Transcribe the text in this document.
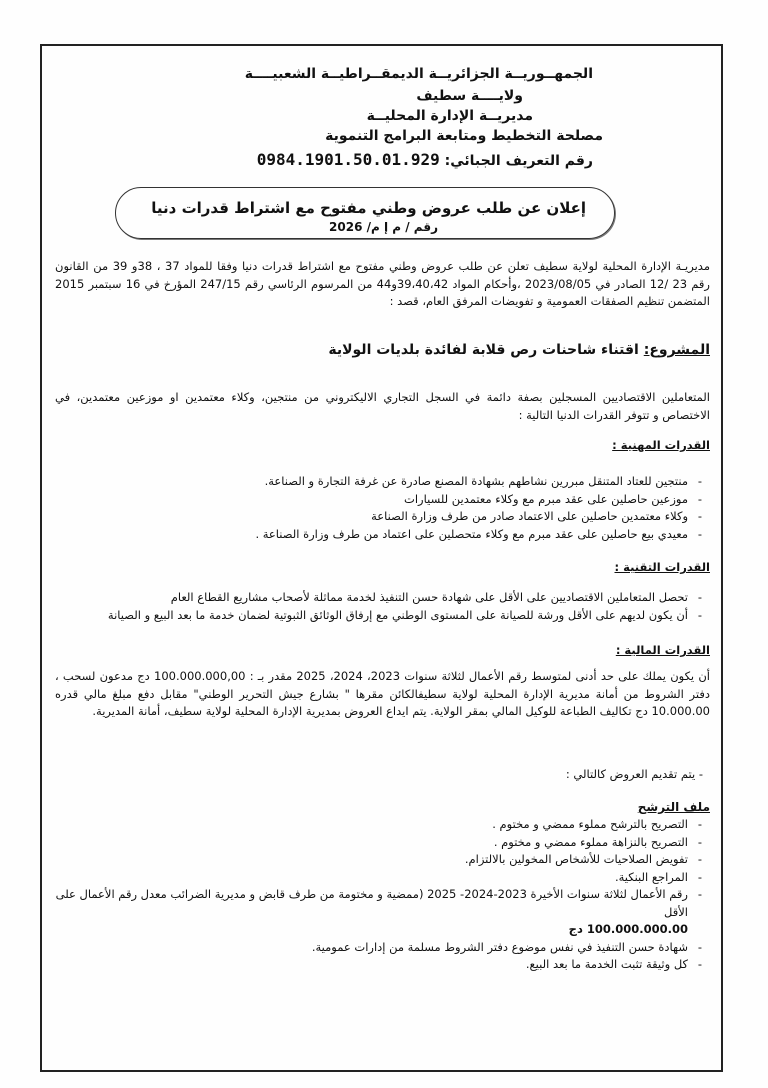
الجمهــوريــة الجزائريــة الديمقــراطيــة الشعبيــــة
ولايــــة سطيف
مديريــة الإدارة المحليــة
مصلحة التخطيط ومتابعة البرامج التنموية
رقم التعريف الجبائي: 0984.1901.50.01.929
إعلان عن طلب عروض وطني مفتوح مع اشتراط قدرات دنيا
رقم / م إ م/ 2026
مديريـة الإدارة المحلية لولاية سطيف تعلن عن طلب عروض وطني مفتوح مع اشتراط قدرات دنيا وفقا للمواد 37 ، 38و 39 من القانون رقم 23 /12 الصادر في 2023/08/05 ،وأحكام المواد 39،40،42و44 من المرسوم الرئاسي رقم 247/15 المؤرخ في 16 سبتمبر 2015 المتضمن تنظيم الصفقات العمومية و تفويضات المرفق العام، قصد :
المشروع: اقتناء شاحنات رص قلابة لفائدة بلديات الولاية
المتعاملين الاقتصاديين المسجلين بصفة دائمة في السجل التجاري الاليكتروني من منتجين، وكلاء معتمدين او موزعين معتمدين، في الاختصاص و تتوفر القدرات الدنيا التالية :
القدرات المهنية :
- منتجين للعتاد المتنقل مبررين نشاطهم بشهادة المصنع صادرة عن غرفة التجارة و الصناعة.
- موزعين حاصلين على عقد مبرم مع وكلاء معتمدين للسيارات
- وكلاء معتمدين حاصلين على الاعتماد صادر من طرف وزارة الصناعة
- معيدي بيع حاصلين على عقد مبرم مع وكلاء متحصلين على اعتماد من طرف وزارة الصناعة .
القدرات التقنية :
- تحصل المتعاملين الاقتصاديين على الأقل على شهادة حسن التنفيذ لخدمة مماثلة لأصحاب مشاريع القطاع العام
- أن يكون لديهم على الأقل ورشة للصيانة على المستوى الوطني مع إرفاق الوثائق الثبوتية لضمان خدمة ما بعد البيع و الصيانة
القدرات المالية :
أن يكون يملك على حد أدنى لمتوسط رقم الأعمال لثلاثة سنوات 2023، 2024، 2025 مقدر بـ : 100.000.000,00 دج مدعون لسحب ، دفتر الشروط من أمانة مديرية الإدارة المحلية لولاية سطيفالكائن مقرها " بشارع جيش التحرير الوطني" مقابل دفع مبلغ مالي قدره 10.000.00 دج تكاليف الطباعة للوكيل المالي بمقر الولاية. يتم ايداع العروض بمديرية الإدارة المحلية لولاية سطيف، أمانة المديرية.
- يتم تقديم العروض كالتالي :
ملف الترشح
- التصريح بالترشح مملوء ممضي و مختوم .
- التصريح بالنزاهة مملوء ممضي و مختوم .
- تفويض الصلاحيات للأشخاص المخولين بالالتزام.
- المراجع البنكية.
- رقم الأعمال لثلاثة سنوات الأخيرة 2023-2024- 2025 (ممضية و مختومة من طرف قابض و مديرية الضرائب معدل رقم الأعمال على الأقل
100.000.000.00 دج
- شهادة حسن التنفيذ في نفس موضوع دفتر الشروط مسلمة من إدارات عمومية.
- كل وثيقة تثبت الخدمة ما بعد البيع.
